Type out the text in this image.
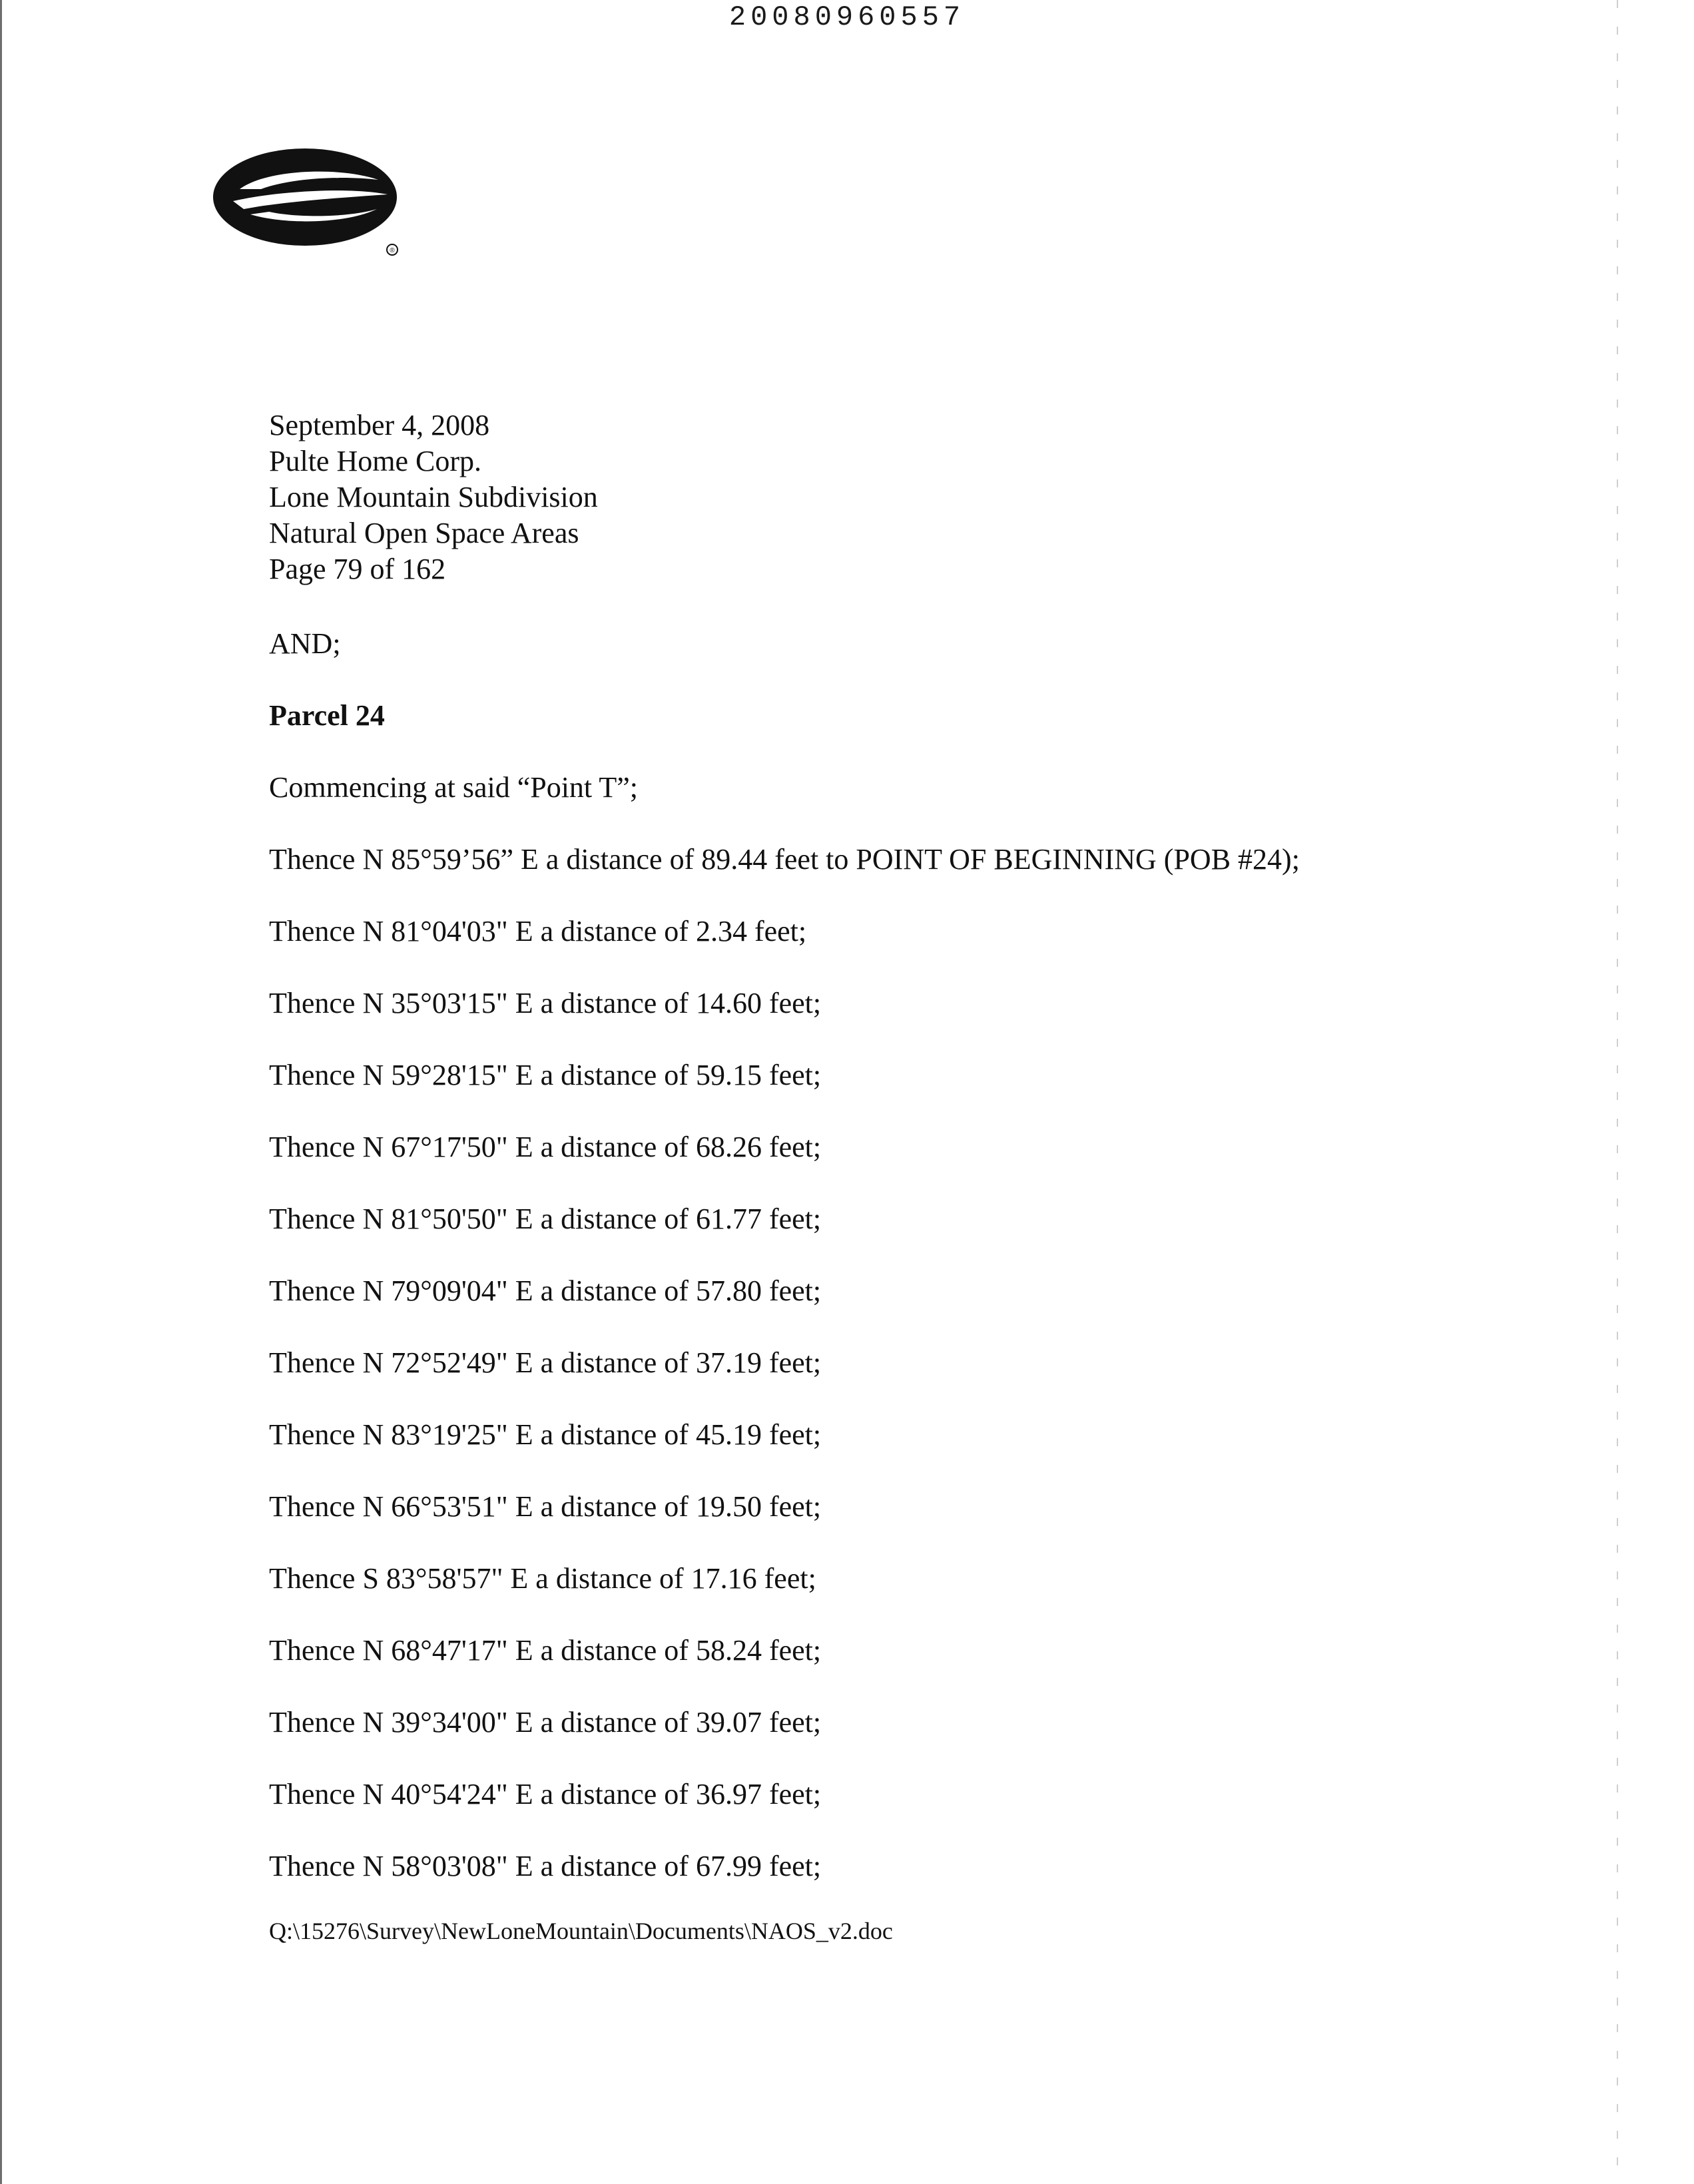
20080960557
®
September 4, 2008
Pulte Home Corp.
Lone Mountain Subdivision
Natural Open Space Areas
Page 79 of 162
AND;
Parcel 24
Commencing at said “Point T”;
Thence N 85°59’56” E a distance of 89.44 feet to POINT OF BEGINNING (POB #24);
Thence N 81°04'03" E a distance of 2.34 feet;
Thence N 35°03'15" E a distance of 14.60 feet;
Thence N 59°28'15" E a distance of 59.15 feet;
Thence N 67°17'50" E a distance of 68.26 feet;
Thence N 81°50'50" E a distance of 61.77 feet;
Thence N 79°09'04" E a distance of 57.80 feet;
Thence N 72°52'49" E a distance of 37.19 feet;
Thence N 83°19'25" E a distance of 45.19 feet;
Thence N 66°53'51" E a distance of 19.50 feet;
Thence S 83°58'57" E a distance of 17.16 feet;
Thence N 68°47'17" E a distance of 58.24 feet;
Thence N 39°34'00" E a distance of 39.07 feet;
Thence N 40°54'24" E a distance of 36.97 feet;
Thence N 58°03'08" E a distance of 67.99 feet;
Q:\15276\Survey\NewLoneMountain\Documents\NAOS_v2.doc
